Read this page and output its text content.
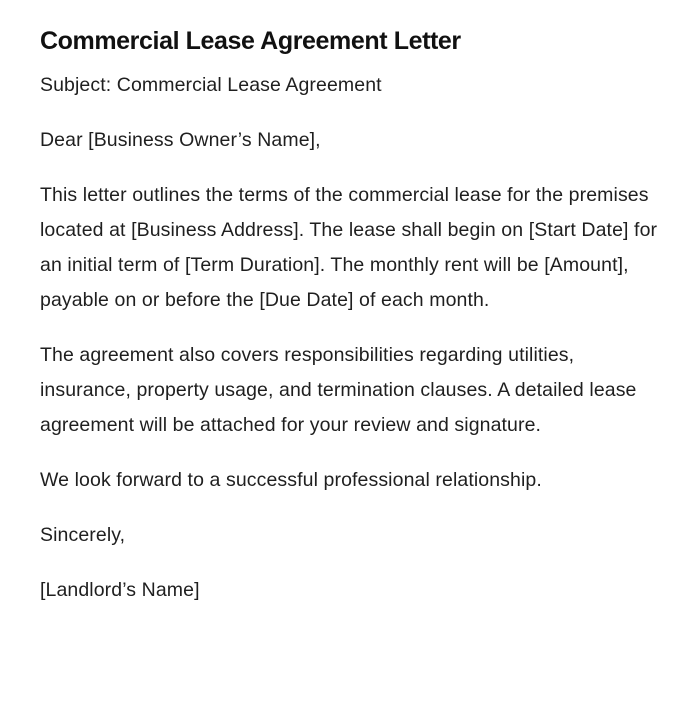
Commercial Lease Agreement Letter

Subject: Commercial Lease Agreement

Dear [Business Owner’s Name],

This letter outlines the terms of the commercial lease for the premises located at [Business Address]. The lease shall begin on [Start Date] for an initial term of [Term Duration]. The monthly rent will be [Amount], payable on or before the [Due Date] of each month.

The agreement also covers responsibilities regarding utilities, insurance, property usage, and termination clauses. A detailed lease agreement will be attached for your review and signature.

We look forward to a successful professional relationship.

Sincerely,

[Landlord’s Name]
